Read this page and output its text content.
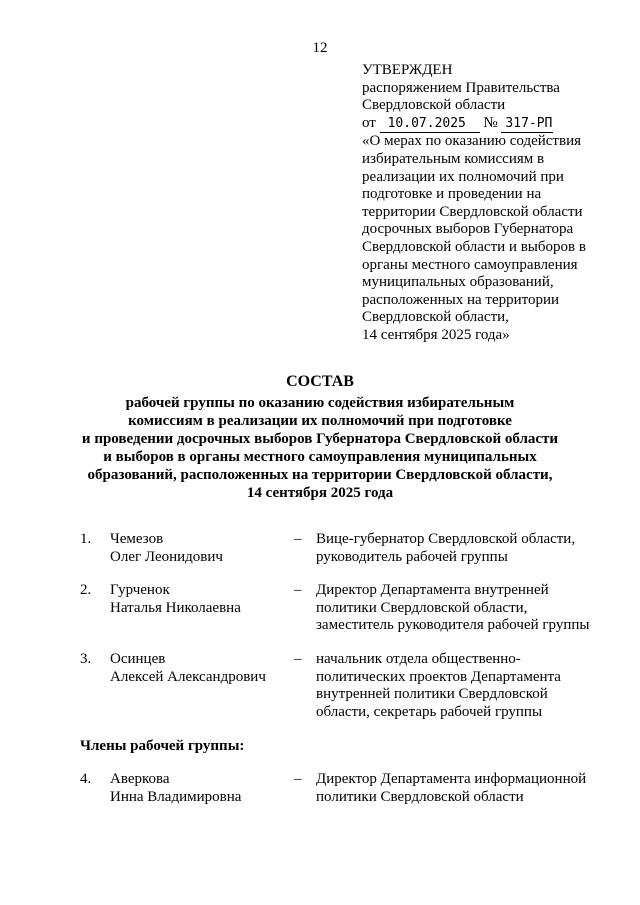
12
УТВЕРЖДЕН
распоряжением Правительства
Свердловской области
от 10.07.2025 № 317-РП
«О мерах по оказанию содействия
избирательным комиссиям в
реализации их полномочий при
подготовке и проведении на
территории Свердловской области
досрочных выборов Губернатора
Свердловской области и выборов в
органы местного самоуправления
муниципальных образований,
расположенных на территории
Свердловской области,
14 сентября 2025 года»
СОСТАВ
рабочей группы по оказанию содействия избирательным
комиссиям в реализации их полномочий при подготовке
и проведении досрочных выборов Губернатора Свердловской области
и выборов в органы местного самоуправления муниципальных
образований, расположенных на территории Свердловской области,
14 сентября 2025 года
1. Чемезов
Олег Леонидович
– Вице-губернатор Свердловской области,
руководитель рабочей группы
2. Гурченок
Наталья Николаевна
– Директор Департамента внутренней
политики Свердловской области,
заместитель руководителя рабочей группы
3. Осинцев
Алексей Александрович
– начальник отдела общественно-
политических проектов Департамента
внутренней политики Свердловской
области, секретарь рабочей группы
Члены рабочей группы:
4. Аверкова
Инна Владимировна
– Директор Департамента информационной
политики Свердловской области
